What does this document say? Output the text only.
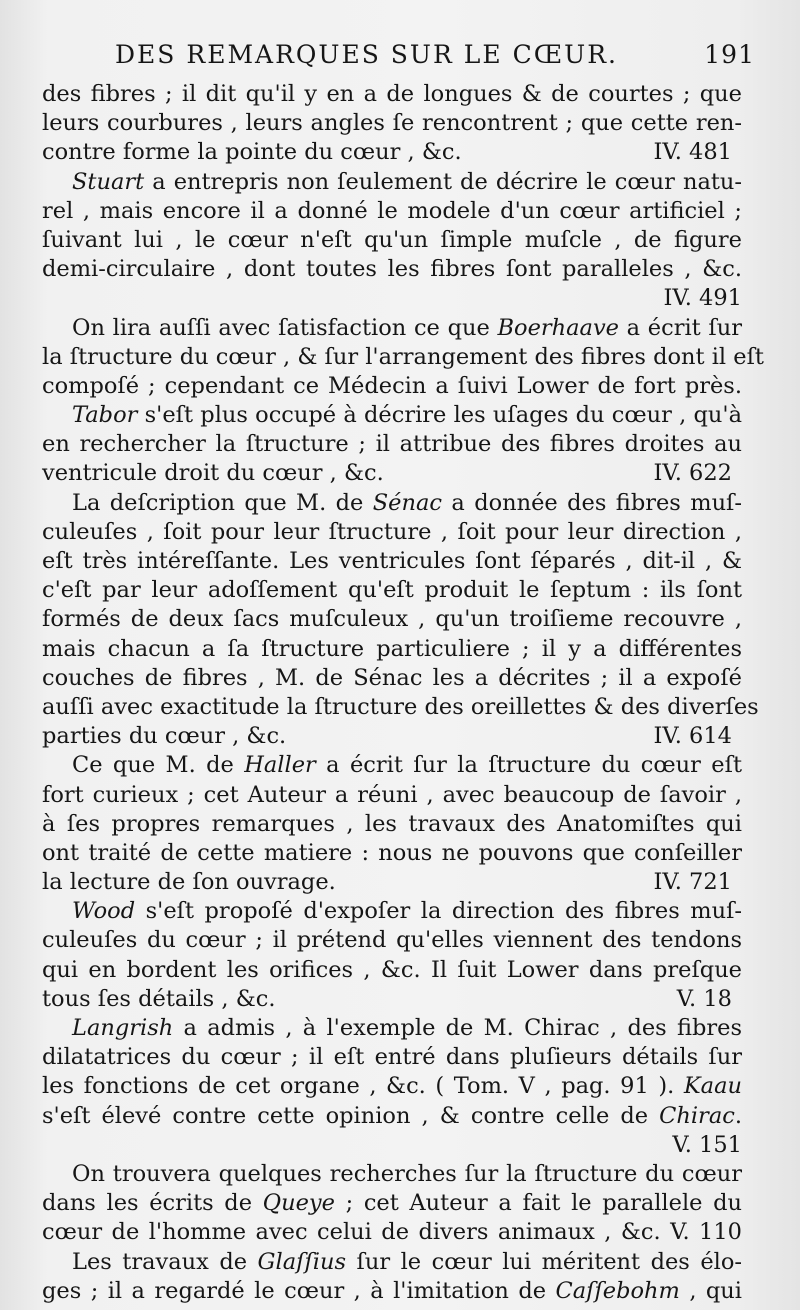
DES REMARQUES SUR LE CŒUR.	191
des fibres ; il dit qu'il y en a de longues & de courtes ; que
leurs courbures , leurs angles ſe rencontrent ; que cette ren-
contre forme la pointe du cœur , &c.	IV. 481
Stuart a entrepris non ſeulement de décrire le cœur natu-
rel , mais encore il a donné le modele d'un cœur artificiel ;
ſuivant lui , le cœur n'eſt qu'un ſimple muſcle , de figure
demi-circulaire , dont toutes les fibres ſont paralleles , &c.
IV. 491
On lira auſſi avec ſatisfaction ce que Boerhaave a écrit ſur
la ſtructure du cœur , & ſur l'arrangement des fibres dont il eſt
compoſé ; cependant ce Médecin a ſuivi Lower de fort près.
Tabor s'eſt plus occupé à décrire les uſages du cœur , qu'à
en rechercher la ſtructure ; il attribue des fibres droites au
ventricule droit du cœur , &c.	IV. 622
La deſcription que M. de Sénac a donnée des fibres muſ-
culeuſes , ſoit pour leur ſtructure , ſoit pour leur direction ,
eſt très intéreſſante. Les ventricules ſont ſéparés , dit-il , &
c'eſt par leur adoſſement qu'eſt produit le ſeptum : ils ſont
formés de deux ſacs muſculeux , qu'un troiſieme recouvre ,
mais chacun a ſa ſtructure particuliere ; il y a différentes
couches de fibres , M. de Sénac les a décrites ; il a expoſé
auſſi avec exactitude la ſtructure des oreillettes & des diverſes
parties du cœur , &c.	IV. 614
Ce que M. de Haller a écrit ſur la ſtructure du cœur eſt
fort curieux ; cet Auteur a réuni , avec beaucoup de ſavoir ,
à ſes propres remarques , les travaux des Anatomiſtes qui
ont traité de cette matiere : nous ne pouvons que conſeiller
la lecture de ſon ouvrage.	IV. 721
Wood s'eſt propoſé d'expoſer la direction des fibres muſ-
culeuſes du cœur ; il prétend qu'elles viennent des tendons
qui en bordent les orifices , &c. Il ſuit Lower dans preſque
tous ſes détails , &c.	V. 18
Langrish a admis , à l'exemple de M. Chirac , des fibres
dilatatrices du cœur ; il eſt entré dans pluſieurs détails ſur
les fonctions de cet organe , &c. ( Tom. V , pag. 91 ). Kaau
s'eſt élevé contre cette opinion , & contre celle de Chirac.
V. 151
On trouvera quelques recherches ſur la ſtructure du cœur
dans les écrits de Queye ; cet Auteur a fait le parallele du
cœur de l'homme avec celui de divers animaux , &c. V. 110
Les travaux de Glaſſius ſur le cœur lui méritent des élo-
ges ; il a regardé le cœur , à l'imitation de Caſſebohm , qui
